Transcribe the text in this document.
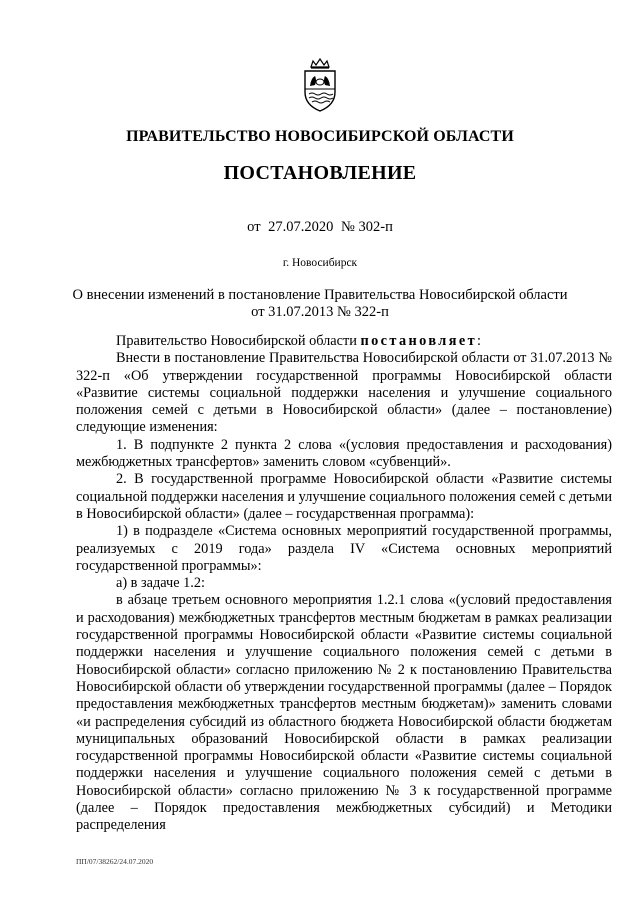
ПРАВИТЕЛЬСТВО НОВОСИБИРСКОЙ ОБЛАСТИ
ПОСТАНОВЛЕНИЕ
от 27.07.2020 № 302-п
г. Новосибирск
О внесении изменений в постановление Правительства Новосибирской области
от 31.07.2013 № 322-п

Правительство Новосибирской области постановляет:

Внести в постановление Правительства Новосибирской области от 31.07.2013 № 322-п «Об утверждении государственной программы Новосибирской области «Развитие системы социальной поддержки населения и улучшение социального положения семей с детьми в Новосибирской области» (далее – постановление) следующие изменения:

1. В подпункте 2 пункта 2 слова «(условия предоставления и расходования) межбюджетных трансфертов» заменить словом «субвенций».

2. В государственной программе Новосибирской области «Развитие системы социальной поддержки населения и улучшение социального положения семей с детьми в Новосибирской области» (далее – государственная программа):

1) в подразделе «Система основных мероприятий государственной программы, реализуемых с 2019 года» раздела IV «Система основных мероприятий государственной программы»:

а) в задаче 1.2:

в абзаце третьем основного мероприятия 1.2.1 слова «(условий предоставления и расходования) межбюджетных трансфертов местным бюджетам в рамках реализации государственной программы Новосибирской области «Развитие системы социальной поддержки населения и улучшение социального положения семей с детьми в Новосибирской области» согласно приложению № 2 к постановлению Правительства Новосибирской области об утверждении государственной программы (далее – Порядок предоставления межбюджетных трансфертов местным бюджетам)» заменить словами «и распределения субсидий из областного бюджета Новосибирской области бюджетам муниципальных образований Новосибирской области в рамках реализации государственной программы Новосибирской области «Развитие системы социальной поддержки населения и улучшение социального положения семей с детьми в Новосибирской области» согласно приложению № 3 к государственной программе (далее – Порядок предоставления межбюджетных субсидий) и Методики распределения

ПП/07/38262/24.07.2020
